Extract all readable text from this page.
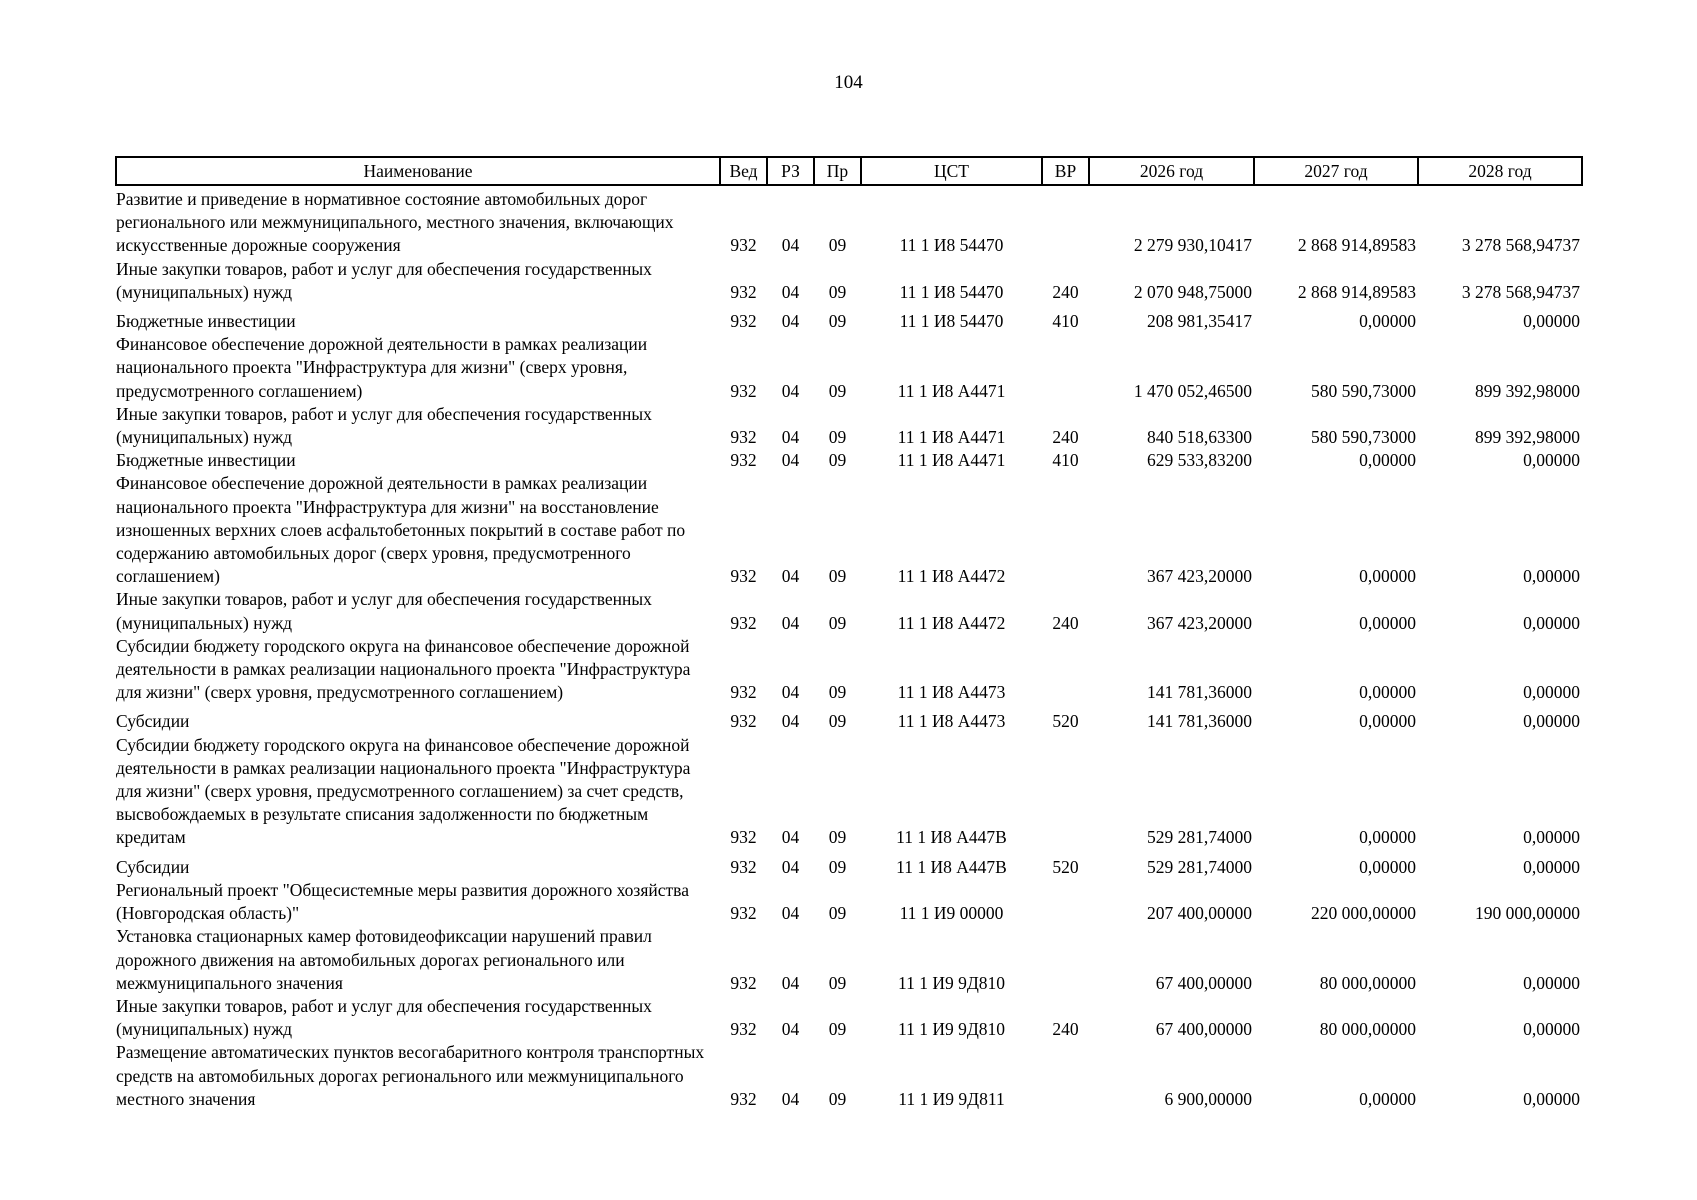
104
Наименование	Вед	РЗ	Пр	ЦСТ	ВР	2026 год	2027 год	2028 год
Развитие и приведение в нормативное состояние автомобильных дорог регионального или межмуниципального, местного значения, включающих искусственные дорожные сооружения	932	04	09	11 1 И8 54470		2 279 930,10417	2 868 914,89583	3 278 568,94737
Иные закупки товаров, работ и услуг для обеспечения государственных (муниципальных) нужд	932	04	09	11 1 И8 54470	240	2 070 948,75000	2 868 914,89583	3 278 568,94737
Бюджетные инвестиции	932	04	09	11 1 И8 54470	410	208 981,35417	0,00000	0,00000
Финансовое обеспечение дорожной деятельности в рамках реализации национального проекта "Инфраструктура для жизни" (сверх уровня, предусмотренного соглашением)	932	04	09	11 1 И8 А4471		1 470 052,46500	580 590,73000	899 392,98000
Иные закупки товаров, работ и услуг для обеспечения государственных (муниципальных) нужд	932	04	09	11 1 И8 А4471	240	840 518,63300	580 590,73000	899 392,98000
Бюджетные инвестиции	932	04	09	11 1 И8 А4471	410	629 533,83200	0,00000	0,00000
Финансовое обеспечение дорожной деятельности в рамках реализации национального проекта "Инфраструктура для жизни" на восстановление изношенных верхних слоев асфальтобетонных покрытий в составе работ по содержанию автомобильных дорог (сверх уровня, предусмотренного соглашением)	932	04	09	11 1 И8 А4472		367 423,20000	0,00000	0,00000
Иные закупки товаров, работ и услуг для обеспечения государственных (муниципальных) нужд	932	04	09	11 1 И8 А4472	240	367 423,20000	0,00000	0,00000
Субсидии бюджету городского округа на финансовое обеспечение дорожной деятельности в рамках реализации национального проекта "Инфраструктура для жизни" (сверх уровня, предусмотренного соглашением)	932	04	09	11 1 И8 А4473		141 781,36000	0,00000	0,00000
Субсидии	932	04	09	11 1 И8 А4473	520	141 781,36000	0,00000	0,00000
Субсидии бюджету городского округа на финансовое обеспечение дорожной деятельности в рамках реализации национального проекта "Инфраструктура для жизни" (сверх уровня, предусмотренного соглашением) за счет средств, высвобождаемых в результате списания задолженности по бюджетным кредитам	932	04	09	11 1 И8 А447В		529 281,74000	0,00000	0,00000
Субсидии	932	04	09	11 1 И8 А447В	520	529 281,74000	0,00000	0,00000
Региональный проект "Общесистемные меры развития дорожного хозяйства (Новгородская область)"	932	04	09	11 1 И9 00000		207 400,00000	220 000,00000	190 000,00000
Установка стационарных камер фотовидеофиксации нарушений правил дорожного движения на автомобильных дорогах регионального или межмуниципального значения	932	04	09	11 1 И9 9Д810		67 400,00000	80 000,00000	0,00000
Иные закупки товаров, работ и услуг для обеспечения государственных (муниципальных) нужд	932	04	09	11 1 И9 9Д810	240	67 400,00000	80 000,00000	0,00000
Размещение автоматических пунктов весогабаритного контроля транспортных средств на автомобильных дорогах регионального или межмуниципального местного значения	932	04	09	11 1 И9 9Д811		6 900,00000	0,00000	0,00000
